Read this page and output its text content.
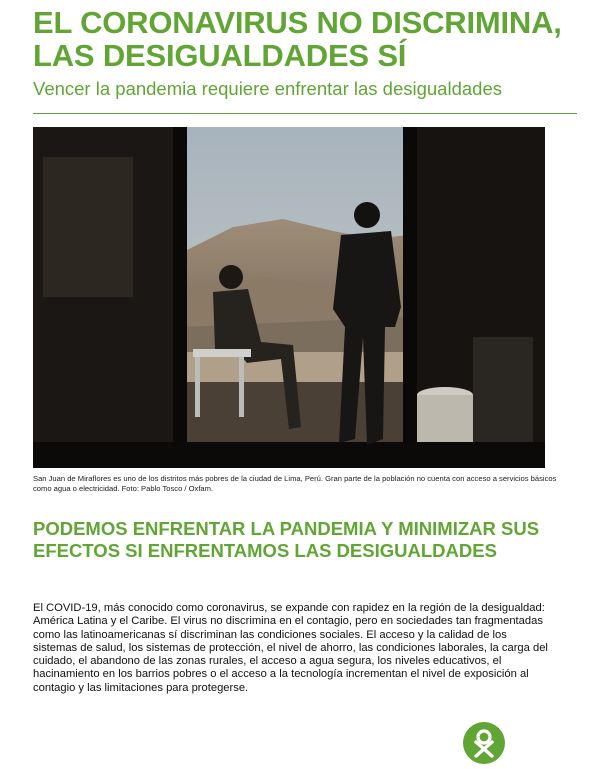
EL CORONAVIRUS NO DISCRIMINA, LAS DESIGUALDADES SÍ

Vencer la pandemia requiere enfrentar las desigualdades

San Juan de Miraflores es uno de los distritos más pobres de la ciudad de Lima, Perú. Gran parte de la población no cuenta con acceso a servicios básicos como agua o electricidad. Foto: Pablo Tosco / Oxfam.

PODEMOS ENFRENTAR LA PANDEMIA Y MINIMIZAR SUS EFECTOS SI ENFRENTAMOS LAS DESIGUALDADES

El COVID-19, más conocido como coronavirus, se expande con rapidez en la región de la desigualdad: América Latina y el Caribe. El virus no discrimina en el contagio, pero en sociedades tan fragmentadas como las latinoamericanas sí discriminan las condiciones sociales. El acceso y la calidad de los sistemas de salud, los sistemas de protección, el nivel de ahorro, las condiciones laborales, la carga del cuidado, el abandono de las zonas rurales, el acceso a agua segura, los niveles educativos, el hacinamiento en los barrios pobres o el acceso a la tecnología incrementan el nivel de exposición al contagio y las limitaciones para protegerse.
